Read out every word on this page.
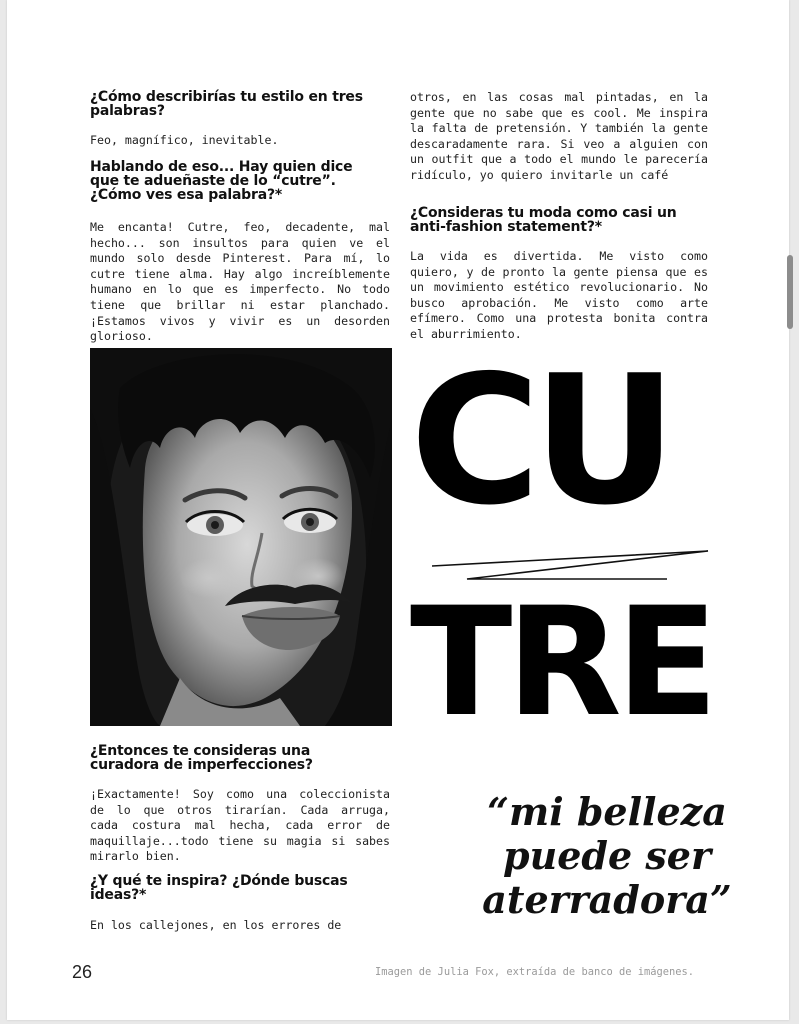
¿Cómo describirías tu estilo en tres palabras?
Feo, magnífico, inevitable.
Hablando de eso... Hay quien dice que te adueñaste de lo “cutre”. ¿Cómo ves esa palabra?*
Me encanta! Cutre, feo, decadente, mal hecho... son insultos para quien ve el mundo solo desde Pinterest. Para mí, lo cutre tiene alma. Hay algo increíblemente humano en lo que es imperfecto. No todo tiene que brillar ni estar planchado.¡Estamos vivos y vivir es un desorden glorioso.
¿Entonces te consideras una curadora de imperfecciones?
¡Exactamente! Soy como una coleccionista de lo que otros tirarían. Cada arruga, cada costura mal hecha, cada error de maquillaje...todo tiene su magia si sabes mirarlo bien.
¿Y qué te inspira? ¿Dónde buscas ideas?*
En los callejones, en los errores de
otros, en las cosas mal pintadas, en la gente que no sabe que es cool. Me inspira la falta de pretensión. Y también la gente descaradamente rara. Si veo a alguien con un outfit que a todo el mundo le parecería ridículo, yo quiero invitarle un café
¿Consideras tu moda como casi un anti-fashion statement?*
La vida es divertida. Me visto como quiero, y de pronto la gente piensa que es un movimiento estético revolucionario. No busco aprobación. Me visto como arte efímero. Como una protesta bonita contra el aburrimiento.
CU
TRE
“mi belleza
puede ser
aterradora”
26	Imagen de Julia Fox, extraída de banco de imágenes.
